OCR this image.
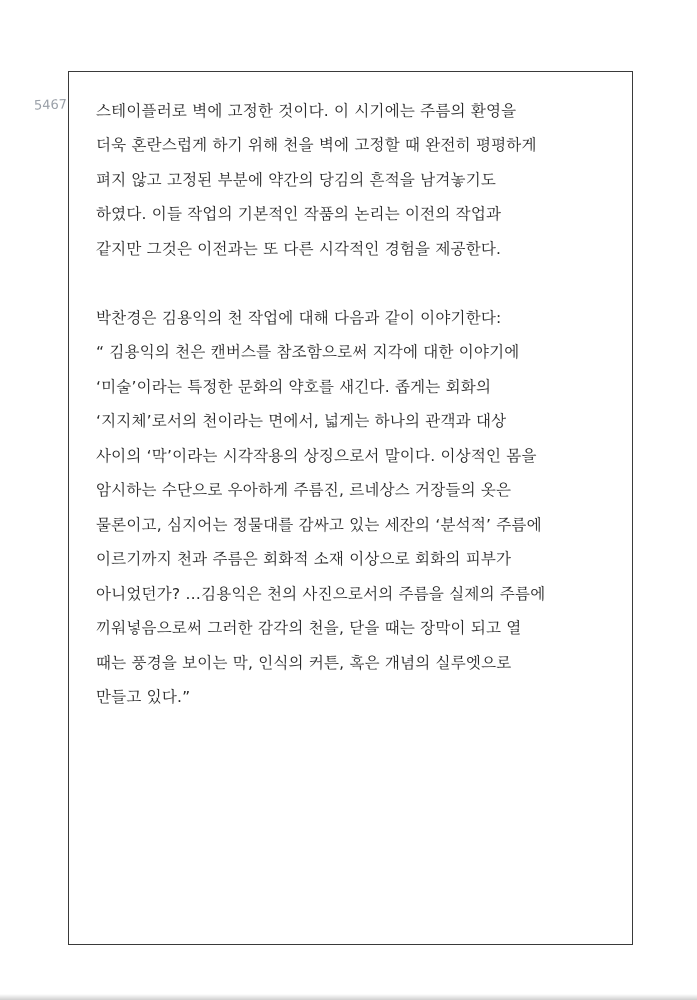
5467 스테이플러로 벽에 고정한 것이다. 이 시기에는 주름의 환영을
더욱 혼란스럽게 하기 위해 천을 벽에 고정할 때 완전히 평평하게
펴지 않고 고정된 부분에 약간의 당김의 흔적을 남겨놓기도
하였다. 이들 작업의 기본적인 작품의 논리는 이전의 작업과
같지만 그것은 이전과는 또 다른 시각적인 경험을 제공한다.
박찬경은 김용익의 천 작업에 대해 다음과 같이 이야기한다:
“ 김용익의 천은 캔버스를 참조함으로써 지각에 대한 이야기에
‘미술’이라는 특정한 문화의 약호를 새긴다. 좁게는 회화의
‘지지체’로서의 천이라는 면에서, 넓게는 하나의 관객과 대상
사이의 ‘막’이라는 시각작용의 상징으로서 말이다. 이상적인 몸을
암시하는 수단으로 우아하게 주름진, 르네상스 거장들의 옷은
물론이고, 심지어는 정물대를 감싸고 있는 세잔의 ‘분석적’ 주름에
이르기까지 천과 주름은 회화적 소재 이상으로 회화의 피부가
아니었던가? …김용익은 천의 사진으로서의 주름을 실제의 주름에
끼워넣음으로써 그러한 감각의 천을, 닫을 때는 장막이 되고 열
때는 풍경을 보이는 막, 인식의 커튼, 혹은 개념의 실루엣으로
만들고 있다.”
